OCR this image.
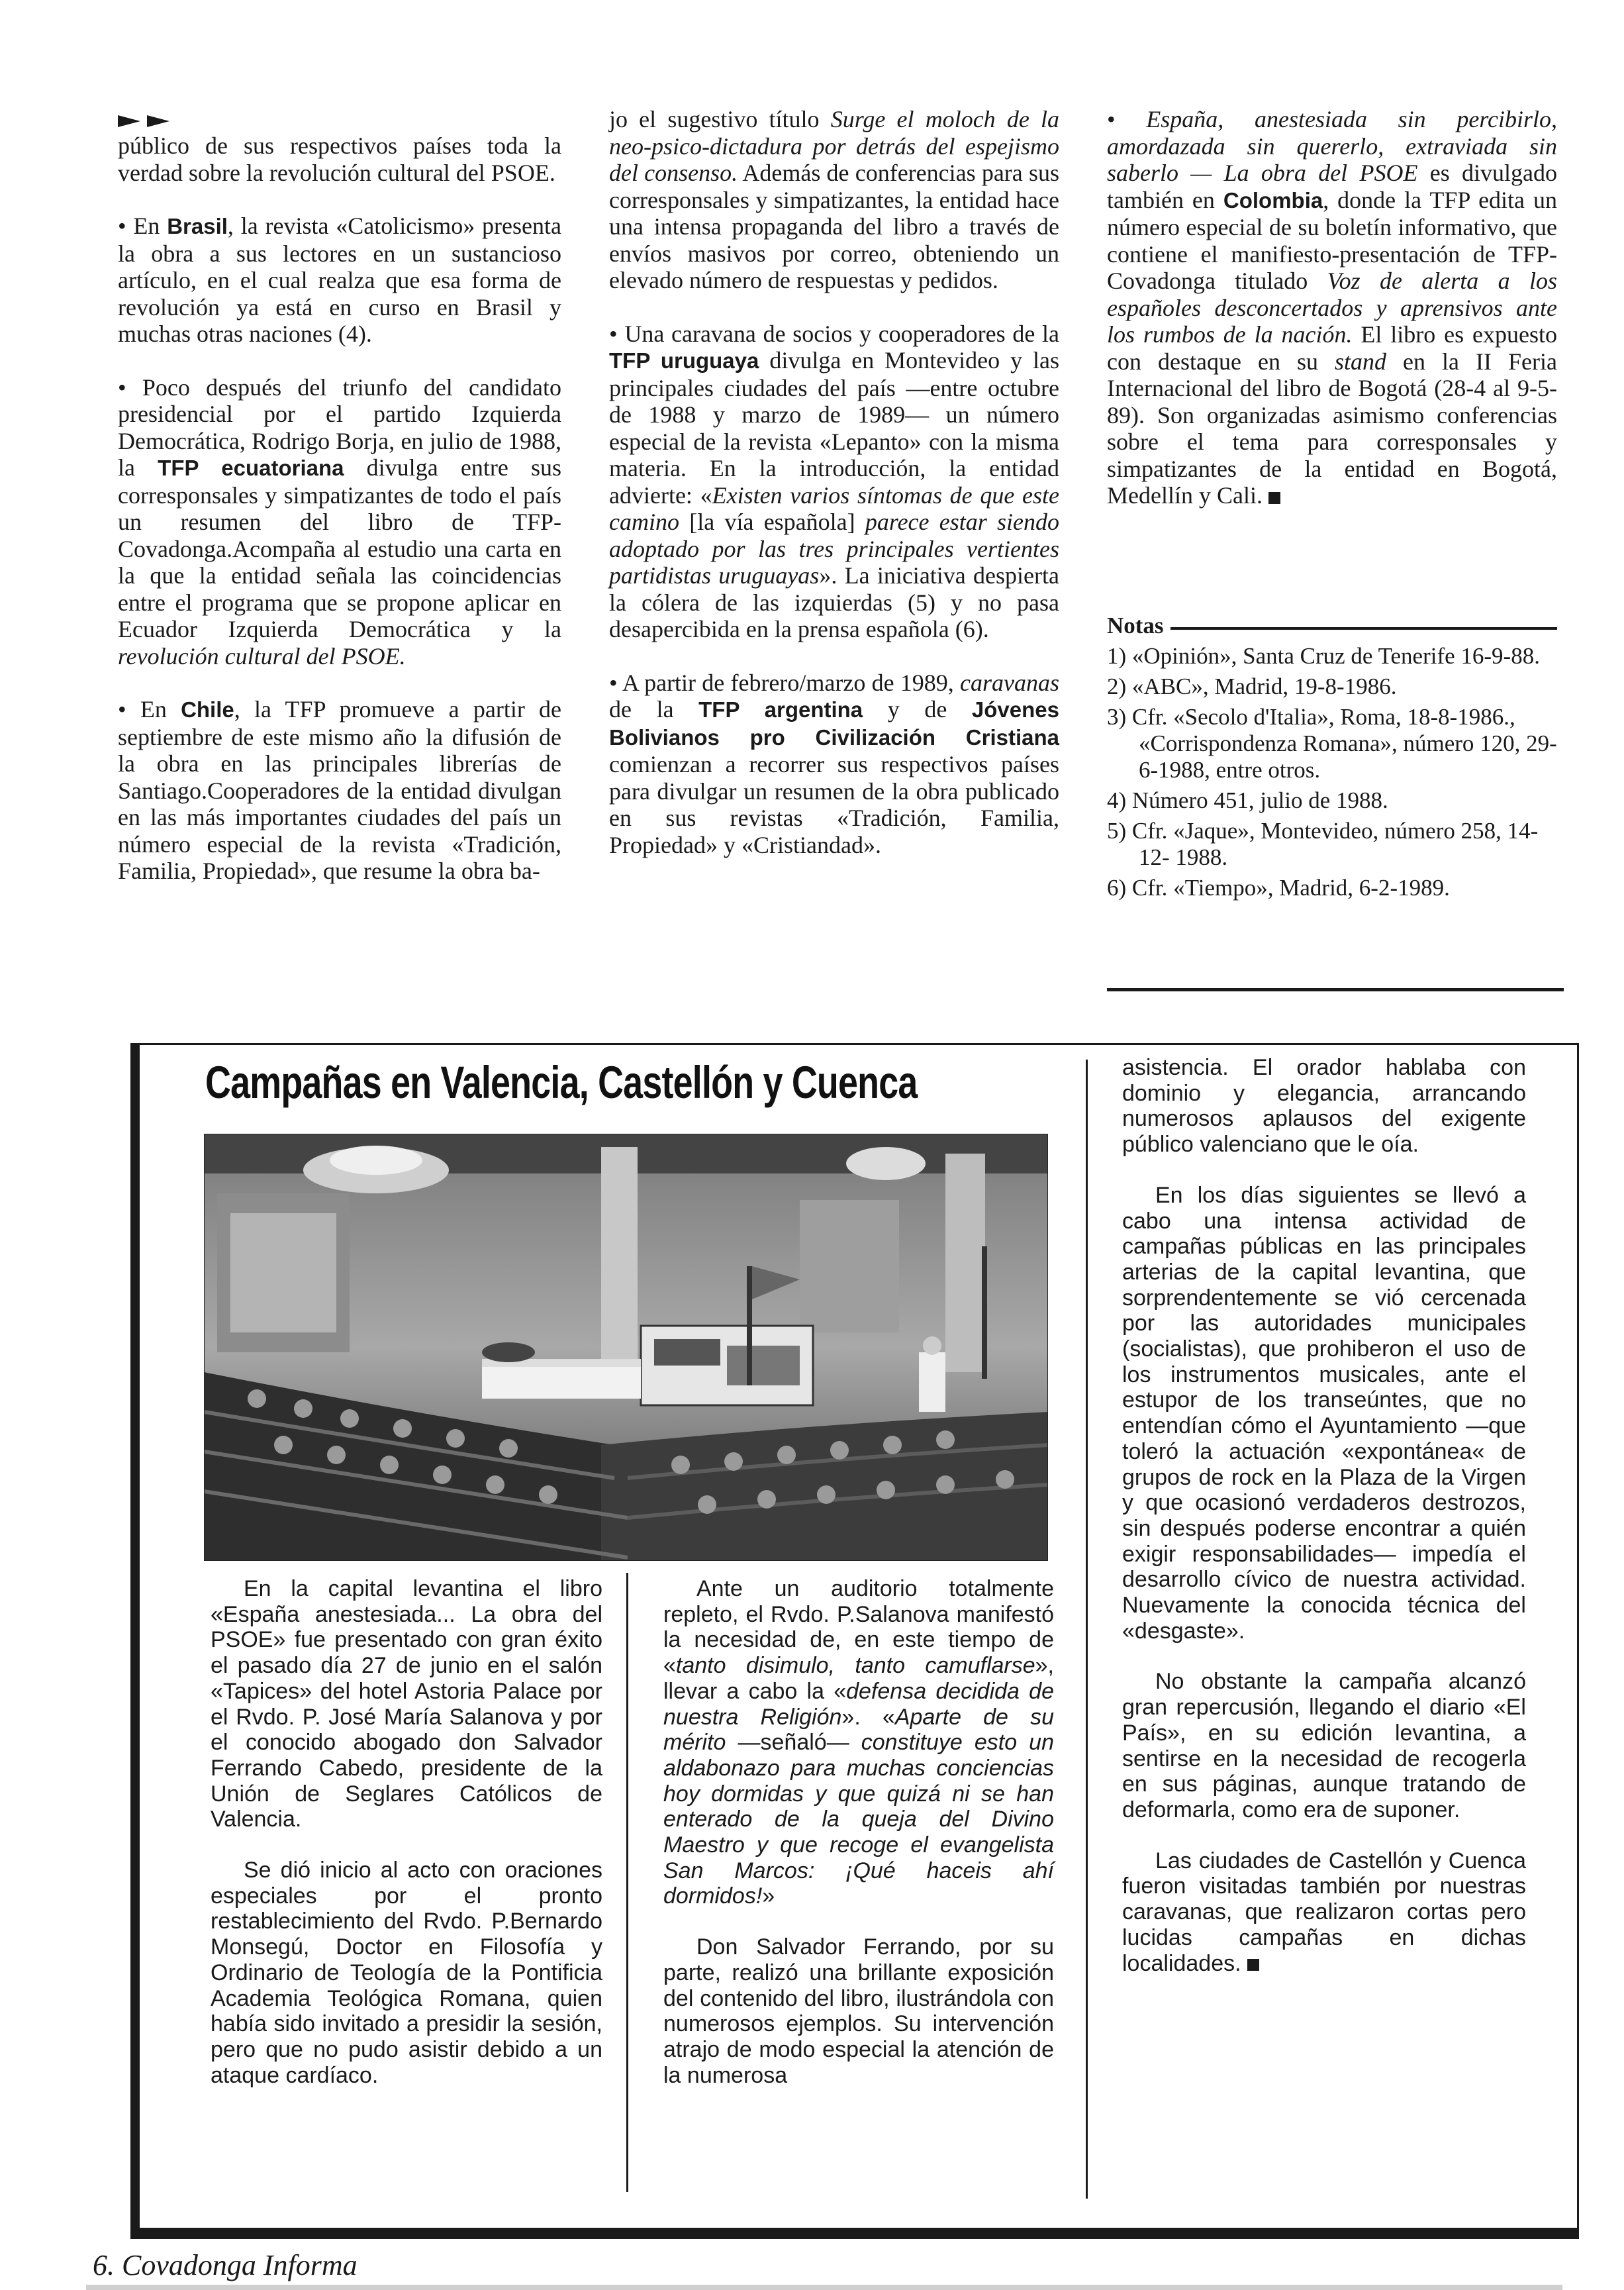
público de sus respectivos países toda la verdad sobre la revolución cultural del PSOE.

• En Brasil, la revista «Catolicismo» presenta la obra a sus lectores en un sustancioso artículo, en el cual realza que esa forma de revolución ya está en curso en Brasil y muchas otras naciones (4).

• Poco después del triunfo del candidato presidencial por el partido Izquierda Democrática, Rodrigo Borja, en julio de 1988, la TFP ecuatoriana divulga entre sus corresponsales y simpatizantes de todo el país un resumen del libro de TFP-Covadonga.Acompaña al estudio una carta en la que la entidad señala las coincidencias entre el programa que se propone aplicar en Ecuador Izquierda Democrática y la revolución cultural del PSOE.

• En Chile, la TFP promueve a partir de septiembre de este mismo año la difusión de la obra en las principales librerías de Santiago.Cooperadores de la entidad divulgan en las más importantes ciudades del país un número especial de la revista «Tradición, Familia, Propiedad», que resume la obra ba-

jo el sugestivo título Surge el moloch de la neo-psico-dictadura por detrás del espejismo del consenso. Además de conferencias para sus corresponsales y simpatizantes, la entidad hace una intensa propaganda del libro a través de envíos masivos por correo, obteniendo un elevado número de respuestas y pedidos.

• Una caravana de socios y cooperadores de la TFP uruguaya divulga en Montevideo y las principales ciudades del país —entre octubre de 1988 y marzo de 1989— un número especial de la revista «Lepanto» con la misma materia. En la introducción, la entidad advierte: «Existen varios síntomas de que este camino [la vía española] parece estar siendo adoptado por las tres principales vertientes partidistas uruguayas». La iniciativa despierta la cólera de las izquierdas (5) y no pasa desapercibida en la prensa española (6).

• A partir de febrero/marzo de 1989, caravanas de la TFP argentina y de Jóvenes Bolivianos pro Civilización Cristiana comienzan a recorrer sus respectivos países para divulgar un resumen de la obra publicado en sus revistas «Tradición, Familia, Propiedad» y «Cristiandad».

• España, anestesiada sin percibirlo, amordazada sin quererlo, extraviada sin saberlo — La obra del PSOE es divulgado también en Colombia, donde la TFP edita un número especial de su boletín informativo, que contiene el manifiesto-presentación de TFP-Covadonga titulado Voz de alerta a los españoles desconcertados y aprensivos ante los rumbos de la nación. El libro es expuesto con destaque en su stand en la II Feria Internacional del libro de Bogotá (28-4 al 9-5-89). Son organizadas asimismo conferencias sobre el tema para corresponsales y simpatizantes de la entidad en Bogotá, Medellín y Cali.

Notas
1) «Opinión», Santa Cruz de Tenerife 16-9-88.
2) «ABC», Madrid, 19-8-1986.
3) Cfr. «Secolo d'Italia», Roma, 18-8-1986., «Corrispondenza Romana», número 120, 29-6-1988, entre otros.
4) Número 451, julio de 1988.
5) Cfr. «Jaque», Montevideo, número 258, 14-12- 1988.
6) Cfr. «Tiempo», Madrid, 6-2-1989.
Campañas en Valencia, Castellón y Cuenca

En la capital levantina el libro «España anestesiada... La obra del PSOE» fue presentado con gran éxito el pasado día 27 de junio en el salón «Tapices» del hotel Astoria Palace por el Rvdo. P. José María Salanova y por el conocido abogado don Salvador Ferrando Cabedo, presidente de la Unión de Seglares Católicos de Valencia.

Se dió inicio al acto con oraciones especiales por el pronto restablecimiento del Rvdo. P.Bernardo Monsegú, Doctor en Filosofía y Ordinario de Teología de la Pontificia Academia Teológica Romana, quien había sido invitado a presidir la sesión, pero que no pudo asistir debido a un ataque cardíaco.

Ante un auditorio totalmente repleto, el Rvdo. P.Salanova manifestó la necesidad de, en este tiempo de «tanto disimulo, tanto camuflarse», llevar a cabo la «defensa decidida de nuestra Religión». «Aparte de su mérito —señaló— constituye esto un aldabonazo para muchas conciencias hoy dormidas y que quizá ni se han enterado de la queja del Divino Maestro y que recoge el evangelista San Marcos: ¡Qué haceis ahí dormidos!»

Don Salvador Ferrando, por su parte, realizó una brillante exposición del contenido del libro, ilustrándola con numerosos ejemplos. Su intervención atrajo de modo especial la atención de la numerosa

asistencia. El orador hablaba con dominio y elegancia, arrancando numerosos aplausos del exigente público valenciano que le oía.

En los días siguientes se llevó a cabo una intensa actividad de campañas públicas en las principales arterias de la capital levantina, que sorprendentemente se vió cercenada por las autoridades municipales (socialistas), que prohiberon el uso de los instrumentos musicales, ante el estupor de los transeúntes, que no entendían cómo el Ayuntamiento —que toleró la actuación «expontánea« de grupos de rock en la Plaza de la Virgen y que ocasionó verdaderos destrozos, sin después poderse encontrar a quién exigir responsabilidades— impedía el desarrollo cívico de nuestra actividad. Nuevamente la conocida técnica del «desgaste».

No obstante la campaña alcanzó gran repercusión, llegando el diario «El País», en su edición levantina, a sentirse en la necesidad de recogerla en sus páginas, aunque tratando de deformarla, como era de suponer.

Las ciudades de Castellón y Cuenca fueron visitadas también por nuestras caravanas, que realizaron cortas pero lucidas campañas en dichas localidades.

6. Covadonga Informa
